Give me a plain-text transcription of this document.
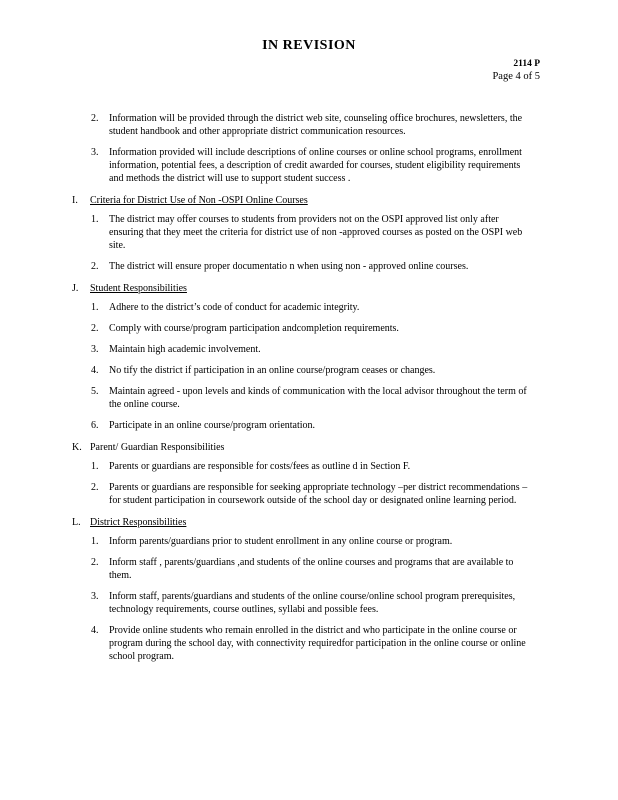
IN REVISION
2114 P
Page 4 of 5
2. Information will be provided through the district web site, counseling office brochures, newsletters, the student handbook and other appropriate district communication resources.
3. Information provided will include descriptions of online courses or online school programs, enrollment information, potential fees, a description of credit awarded for courses, student eligibility requirements and methods the district will use to support student success .
I. Criteria for District Use of Non -OSPI Online Courses
1. The district may offer courses to students from providers not on the OSPI approved list only after ensuring that they meet the criteria for district use of non -approved courses as posted on the OSPI web site.
2. The district will ensure proper documentatio n when using non - approved online courses.
J. Student Responsibilities
1. Adhere to the district’s code of conduct for academic integrity.
2. Comply with course/program participation andcompletion requirements.
3. Maintain high academic involvement.
4. No tify the district if participation in an online course/program ceases or changes.
5. Maintain agreed - upon levels and kinds of communication with the local advisor throughout the term of the online course.
6. Participate in an online course/program orientation.
K. Parent/ Guardian Responsibilities
1. Parents or guardians are responsible for costs/fees as outline d in Section F.
2. Parents or guardians are responsible for seeking appropriate technology –per district recommendations –for student participation in coursework outside of the school day or designated online learning period.
L. District Responsibilities
1. Inform parents/guardians prior to student enrollment in any online course or program.
2. Inform staff , parents/guardians ,and students of the online courses and programs that are available to them.
3. Inform staff, parents/guardians and students of the online course/online school program prerequisites, technology requirements, course outlines, syllabi and possible fees.
4. Provide online students who remain enrolled in the district and who participate in the online course or program during the school day, with connectivity requiredfor participation in the online course or online school program.
